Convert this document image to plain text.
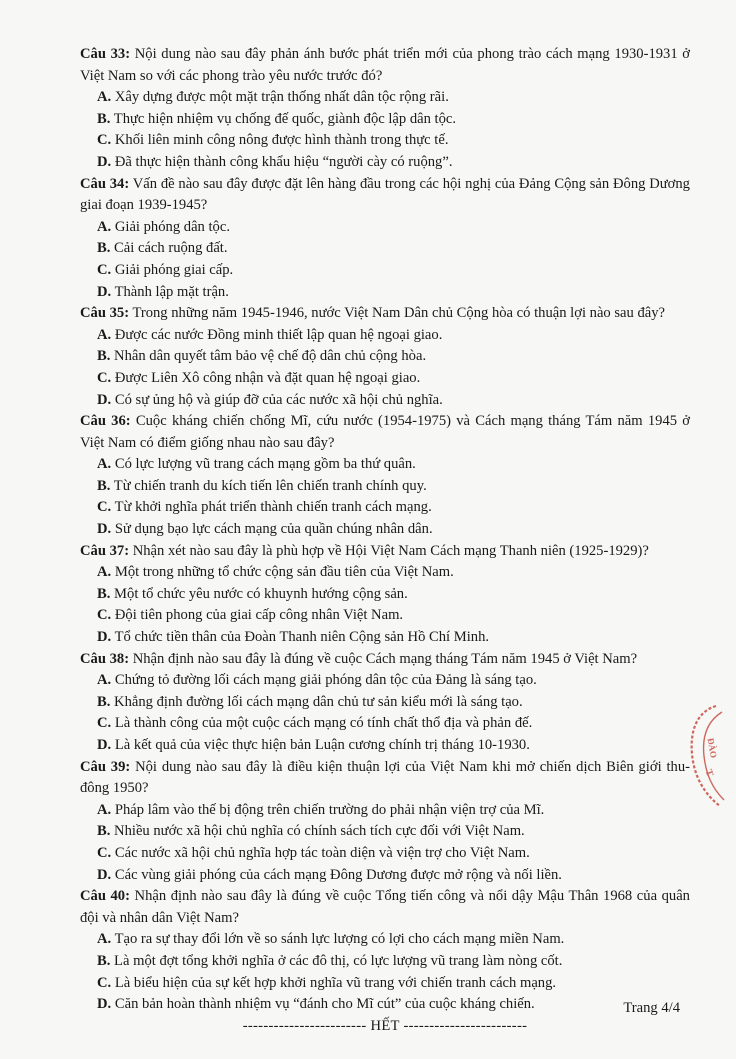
Câu 33: Nội dung nào sau đây phản ánh bước phát triển mới của phong trào cách mạng 1930-1931 ở Việt Nam so với các phong trào yêu nước trước đó?

A. Xây dựng được một mặt trận thống nhất dân tộc rộng rãi.

B. Thực hiện nhiệm vụ chống đế quốc, giành độc lập dân tộc.

C. Khối liên minh công nông được hình thành trong thực tế.

D. Đã thực hiện thành công khẩu hiệu “người cày có ruộng”.

Câu 34: Vấn đề nào sau đây được đặt lên hàng đầu trong các hội nghị của Đảng Cộng sản Đông Dương giai đoạn 1939-1945?

A. Giải phóng dân tộc.

B. Cải cách ruộng đất.

C. Giải phóng giai cấp.

D. Thành lập mặt trận.

Câu 35: Trong những năm 1945-1946, nước Việt Nam Dân chủ Cộng hòa có thuận lợi nào sau đây?

A. Được các nước Đồng minh thiết lập quan hệ ngoại giao.

B. Nhân dân quyết tâm bảo vệ chế độ dân chủ cộng hòa.

C. Được Liên Xô công nhận và đặt quan hệ ngoại giao.

D. Có sự ủng hộ và giúp đỡ của các nước xã hội chủ nghĩa.

Câu 36: Cuộc kháng chiến chống Mĩ, cứu nước (1954-1975) và Cách mạng tháng Tám năm 1945 ở Việt Nam có điểm giống nhau nào sau đây?

A. Có lực lượng vũ trang cách mạng gồm ba thứ quân.

B. Từ chiến tranh du kích tiến lên chiến tranh chính quy.

C. Từ khởi nghĩa phát triển thành chiến tranh cách mạng.

D. Sử dụng bạo lực cách mạng của quần chúng nhân dân.

Câu 37: Nhận xét nào sau đây là phù hợp về Hội Việt Nam Cách mạng Thanh niên (1925-1929)?

A. Một trong những tổ chức cộng sản đầu tiên của Việt Nam.

B. Một tổ chức yêu nước có khuynh hướng cộng sản.

C. Đội tiên phong của giai cấp công nhân Việt Nam.

D. Tổ chức tiền thân của Đoàn Thanh niên Cộng sản Hồ Chí Minh.

Câu 38: Nhận định nào sau đây là đúng về cuộc Cách mạng tháng Tám năm 1945 ở Việt Nam?

A. Chứng tỏ đường lối cách mạng giải phóng dân tộc của Đảng là sáng tạo.

B. Khẳng định đường lối cách mạng dân chủ tư sản kiểu mới là sáng tạo.

C. Là thành công của một cuộc cách mạng có tính chất thổ địa và phản đế.

D. Là kết quả của việc thực hiện bản Luận cương chính trị tháng 10-1930.

Câu 39: Nội dung nào sau đây là điều kiện thuận lợi của Việt Nam khi mở chiến dịch Biên giới thu-đông 1950?

A. Pháp lâm vào thế bị động trên chiến trường do phải nhận viện trợ của Mĩ.

B. Nhiều nước xã hội chủ nghĩa có chính sách tích cực đối với Việt Nam.

C. Các nước xã hội chủ nghĩa hợp tác toàn diện và viện trợ cho Việt Nam.

D. Các vùng giải phóng của cách mạng Đông Dương được mở rộng và nối liền.

Câu 40: Nhận định nào sau đây là đúng về cuộc Tổng tiến công và nổi dậy Mậu Thân 1968 của quân đội và nhân dân Việt Nam?

A. Tạo ra sự thay đổi lớn về so sánh lực lượng có lợi cho cách mạng miền Nam.

B. Là một đợt tổng khởi nghĩa ở các đô thị, có lực lượng vũ trang làm nòng cốt.

C. Là biểu hiện của sự kết hợp khởi nghĩa vũ trang với chiến tranh cách mạng.

D. Căn bản hoàn thành nhiệm vụ “đánh cho Mĩ cút” của cuộc kháng chiến.

------------------------ HẾT ------------------------

Trang 4/4
ĐÀO
T
